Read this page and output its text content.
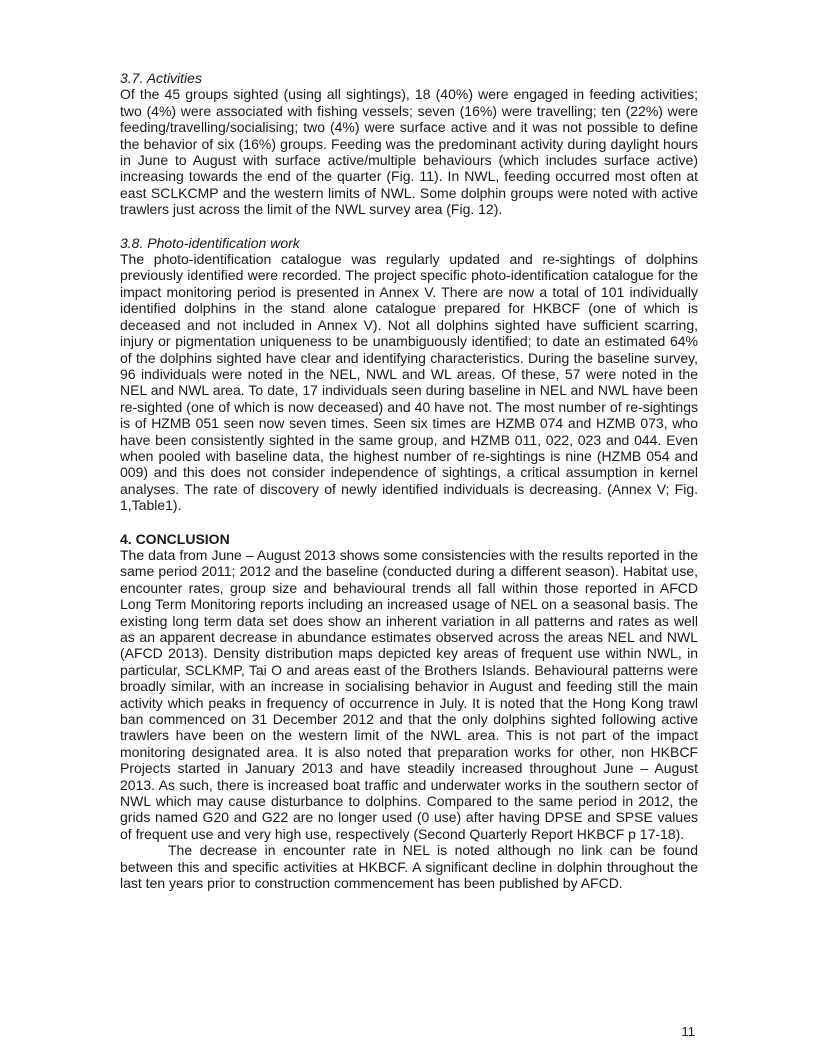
3.7. Activities

Of the 45 groups sighted (using all sightings), 18 (40%) were engaged in feeding activities; two (4%) were associated with fishing vessels; seven (16%) were travelling; ten (22%) were feeding/travelling/socialising; two (4%) were surface active and it was not possible to define the behavior of six (16%) groups. Feeding was the predominant activity during daylight hours in June to August with surface active/multiple behaviours (which includes surface active) increasing towards the end of the quarter (Fig. 11). In NWL, feeding occurred most often at east SCLKCMP and the western limits of NWL. Some dolphin groups were noted with active trawlers just across the limit of the NWL survey area (Fig. 12).

3.8. Photo-identification work

The photo-identification catalogue was regularly updated and re-sightings of dolphins previously identified were recorded. The project specific photo-identification catalogue for the impact monitoring period is presented in Annex V. There are now a total of 101 individually identified dolphins in the stand alone catalogue prepared for HKBCF (one of which is deceased and not included in Annex V). Not all dolphins sighted have sufficient scarring, injury or pigmentation uniqueness to be unambiguously identified; to date an estimated 64% of the dolphins sighted have clear and identifying characteristics. During the baseline survey, 96 individuals were noted in the NEL, NWL and WL areas. Of these, 57 were noted in the NEL and NWL area. To date, 17 individuals seen during baseline in NEL and NWL have been re-sighted (one of which is now deceased) and 40 have not. The most number of re-sightings is of HZMB 051 seen now seven times. Seen six times are HZMB 074 and HZMB 073, who have been consistently sighted in the same group, and HZMB 011, 022, 023 and 044. Even when pooled with baseline data, the highest number of re-sightings is nine (HZMB 054 and 009) and this does not consider independence of sightings, a critical assumption in kernel analyses. The rate of discovery of newly identified individuals is decreasing. (Annex V; Fig. 1,Table1).

4. CONCLUSION

The data from June – August 2013 shows some consistencies with the results reported in the same period 2011; 2012 and the baseline (conducted during a different season). Habitat use, encounter rates, group size and behavioural trends all fall within those reported in AFCD Long Term Monitoring reports including an increased usage of NEL on a seasonal basis. The existing long term data set does show an inherent variation in all patterns and rates as well as an apparent decrease in abundance estimates observed across the areas NEL and NWL (AFCD 2013). Density distribution maps depicted key areas of frequent use within NWL, in particular, SCLKMP, Tai O and areas east of the Brothers Islands. Behavioural patterns were broadly similar, with an increase in socialising behavior in August and feeding still the main activity which peaks in frequency of occurrence in July. It is noted that the Hong Kong trawl ban commenced on 31 December 2012 and that the only dolphins sighted following active trawlers have been on the western limit of the NWL area. This is not part of the impact monitoring designated area. It is also noted that preparation works for other, non HKBCF Projects started in January 2013 and have steadily increased throughout June – August 2013. As such, there is increased boat traffic and underwater works in the southern sector of NWL which may cause disturbance to dolphins. Compared to the same period in 2012, the grids named G20 and G22 are no longer used (0 use) after having DPSE and SPSE values of frequent use and very high use, respectively (Second Quarterly Report HKBCF p 17-18).

The decrease in encounter rate in NEL is noted although no link can be found between this and specific activities at HKBCF. A significant decline in dolphin throughout the last ten years prior to construction commencement has been published by AFCD.

11
